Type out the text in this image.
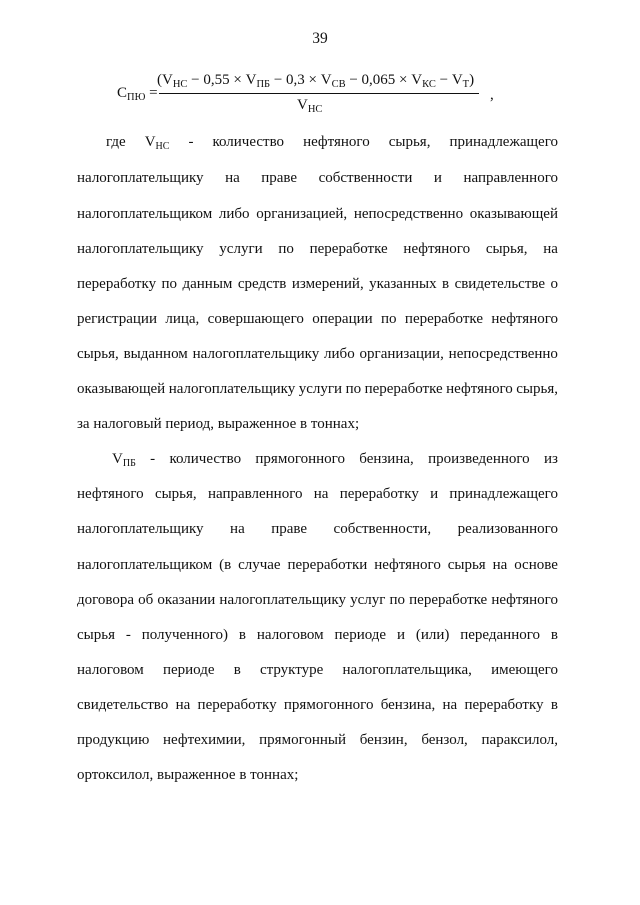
39
$С_{ПЮ}$ =
$(V_{НС} - 0,55 \times V_{ПБ} - 0,3 \times V_{СВ} - 0,065 \times V_{КС} - V_Т)$
$V_{НС}$
,
где $V_{НС}$ - количество нефтяного сырья, принадлежащего
налогоплательщику на праве собственности и направленного
налогоплательщиком либо организацией, непосредственно оказывающей
налогоплательщику услуги по переработке нефтяного сырья, на
переработку по данным средств измерений, указанных в свидетельстве о
регистрации лица, совершающего операции по переработке нефтяного
сырья, выданном налогоплательщику либо организации, непосредственно
оказывающей налогоплательщику услуги по переработке нефтяного сырья,
за налоговый период, выраженное в тоннах;
$V_{ПБ}$ - количество прямогонного бензина, произведенного из
нефтяного сырья, направленного на переработку и принадлежащего
налогоплательщику на праве собственности, реализованного
налогоплательщиком (в случае переработки нефтяного сырья на основе
договора об оказании налогоплательщику услуг по переработке нефтяного
сырья - полученного) в налоговом периоде и (или) переданного в
налоговом периоде в структуре налогоплательщика, имеющего
свидетельство на переработку прямогонного бензина, на переработку в
продукцию нефтехимии, прямогонный бензин, бензол, параксилол,
ортоксилол, выраженное в тоннах;
